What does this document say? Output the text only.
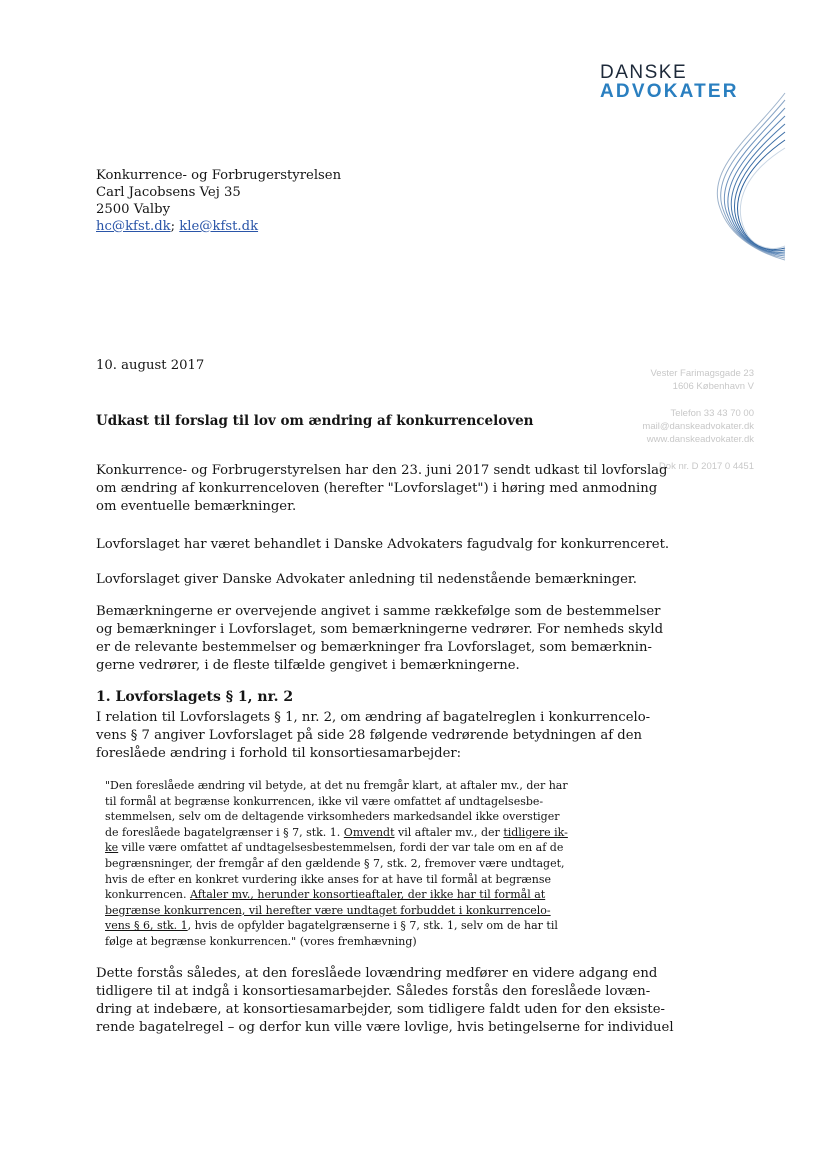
DANSKE
ADVOKATER
Konkurrence- og Forbrugerstyrelsen
Carl Jacobsens Vej 35
2500 Valby
hc@kfst.dk; kle@kfst.dk
10. august 2017
Vester Farimagsgade 23
1606 København V
Telefon 33 43 70 00
mail@danskeadvokater.dk
www.danskeadvokater.dk
Dok nr. D 2017 0 4451
Udkast til forslag til lov om ændring af konkurrenceloven
Konkurrence- og Forbrugerstyrelsen har den 23. juni 2017 sendt udkast til lovforslag
om ændring af konkurrenceloven (herefter "Lovforslaget") i høring med anmodning
om eventuelle bemærkninger.
Lovforslaget har været behandlet i Danske Advokaters fagudvalg for konkurrenceret.
Lovforslaget giver Danske Advokater anledning til nedenstående bemærkninger.
Bemærkningerne er overvejende angivet i samme rækkefølge som de bestemmelser
og bemærkninger i Lovforslaget, som bemærkningerne vedrører. For nemheds skyld
er de relevante bestemmelser og bemærkninger fra Lovforslaget, som bemærknin-
gerne vedrører, i de fleste tilfælde gengivet i bemærkningerne.
1. Lovforslagets § 1, nr. 2
I relation til Lovforslagets § 1, nr. 2, om ændring af bagatelreglen i konkurrencelo-
vens § 7 angiver Lovforslaget på side 28 følgende vedrørende betydningen af den
foreslåede ændring i forhold til konsortiesamarbejder:
"Den foreslåede ændring vil betyde, at det nu fremgår klart, at aftaler mv., der har
til formål at begrænse konkurrencen, ikke vil være omfattet af undtagelsesbe-
stemmelsen, selv om de deltagende virksomheders markedsandel ikke overstiger
de foreslåede bagatelgrænser i § 7, stk. 1. Omvendt vil aftaler mv., der tidligere ik-
ke ville være omfattet af undtagelsesbestemmelsen, fordi der var tale om en af de
begrænsninger, der fremgår af den gældende § 7, stk. 2, fremover være undtaget,
hvis de efter en konkret vurdering ikke anses for at have til formål at begrænse
konkurrencen. Aftaler mv., herunder konsortieaftaler, der ikke har til formål at
begrænse konkurrencen, vil herefter være undtaget forbuddet i konkurrencelo-
vens § 6, stk. 1, hvis de opfylder bagatelgrænserne i § 7, stk. 1, selv om de har til
følge at begrænse konkurrencen." (vores fremhævning)
Dette forstås således, at den foreslåede lovændring medfører en videre adgang end
tidligere til at indgå i konsortiesamarbejder. Således forstås den foreslåede lovæn-
dring at indebære, at konsortiesamarbejder, som tidligere faldt uden for den eksiste-
rende bagatelregel – og derfor kun ville være lovlige, hvis betingelserne for individuel
